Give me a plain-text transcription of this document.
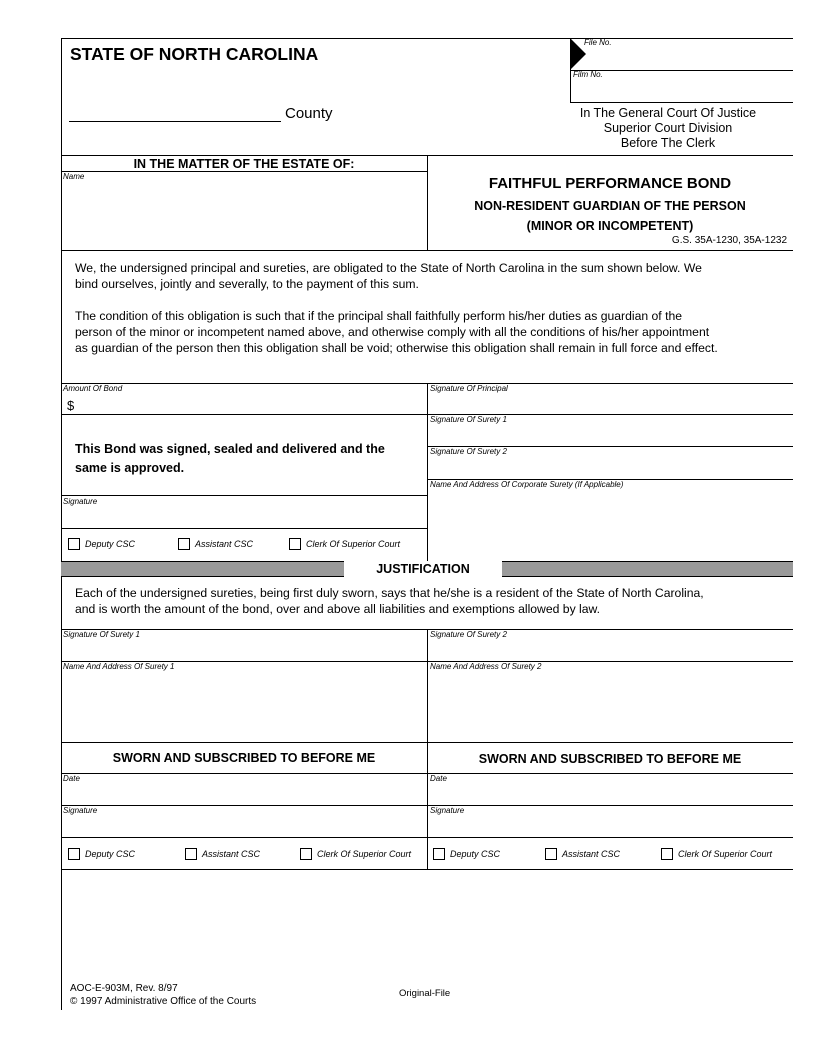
STATE OF NORTH CAROLINA
County
File No.
Film No.
In The General Court Of Justice
Superior Court Division
Before The Clerk
IN THE MATTER OF THE ESTATE OF:
Name	FAITHFUL PERFORMANCE BOND
NON-RESIDENT GUARDIAN OF THE PERSON
(MINOR OR INCOMPETENT)
G.S. 35A-1230, 35A-1232
We, the undersigned principal and sureties, are obligated to the State of North Carolina in the sum shown below. We
bind ourselves, jointly and severally, to the payment of this sum.
The condition of this obligation is such that if the principal shall faithfully perform his/her duties as guardian of the
person of the minor or incompetent named above, and otherwise comply with all the conditions of his/her appointment
as guardian of the person then this obligation shall be void; otherwise this obligation shall remain in full force and effect.
Amount Of Bond
$
This Bond was signed, sealed and delivered and the
same is approved.
Signature
Deputy CSC	Assistant CSC	Clerk Of Superior Court
Signature Of Principal
Signature Of Surety 1
Signature Of Surety 2
Name And Address Of Corporate Surety (If Applicable)
JUSTIFICATION
Each of the undersigned sureties, being first duly sworn, says that he/she is a resident of the State of North Carolina,
and is worth the amount of the bond, over and above all liabilities and exemptions allowed by law.
Signature Of Surety 1	Signature Of Surety 2
Name And Address Of Surety 1	Name And Address Of Surety 2
SWORN AND SUBSCRIBED TO BEFORE ME	SWORN AND SUBSCRIBED TO BEFORE ME
Date	Date
Signature	Signature
Deputy CSC	Assistant CSC	Clerk Of Superior Court	Deputy CSC	Assistant CSC	Clerk Of Superior Court
AOC-E-903M, Rev. 8/97
© 1997 Administrative Office of the Courts
Original-File
